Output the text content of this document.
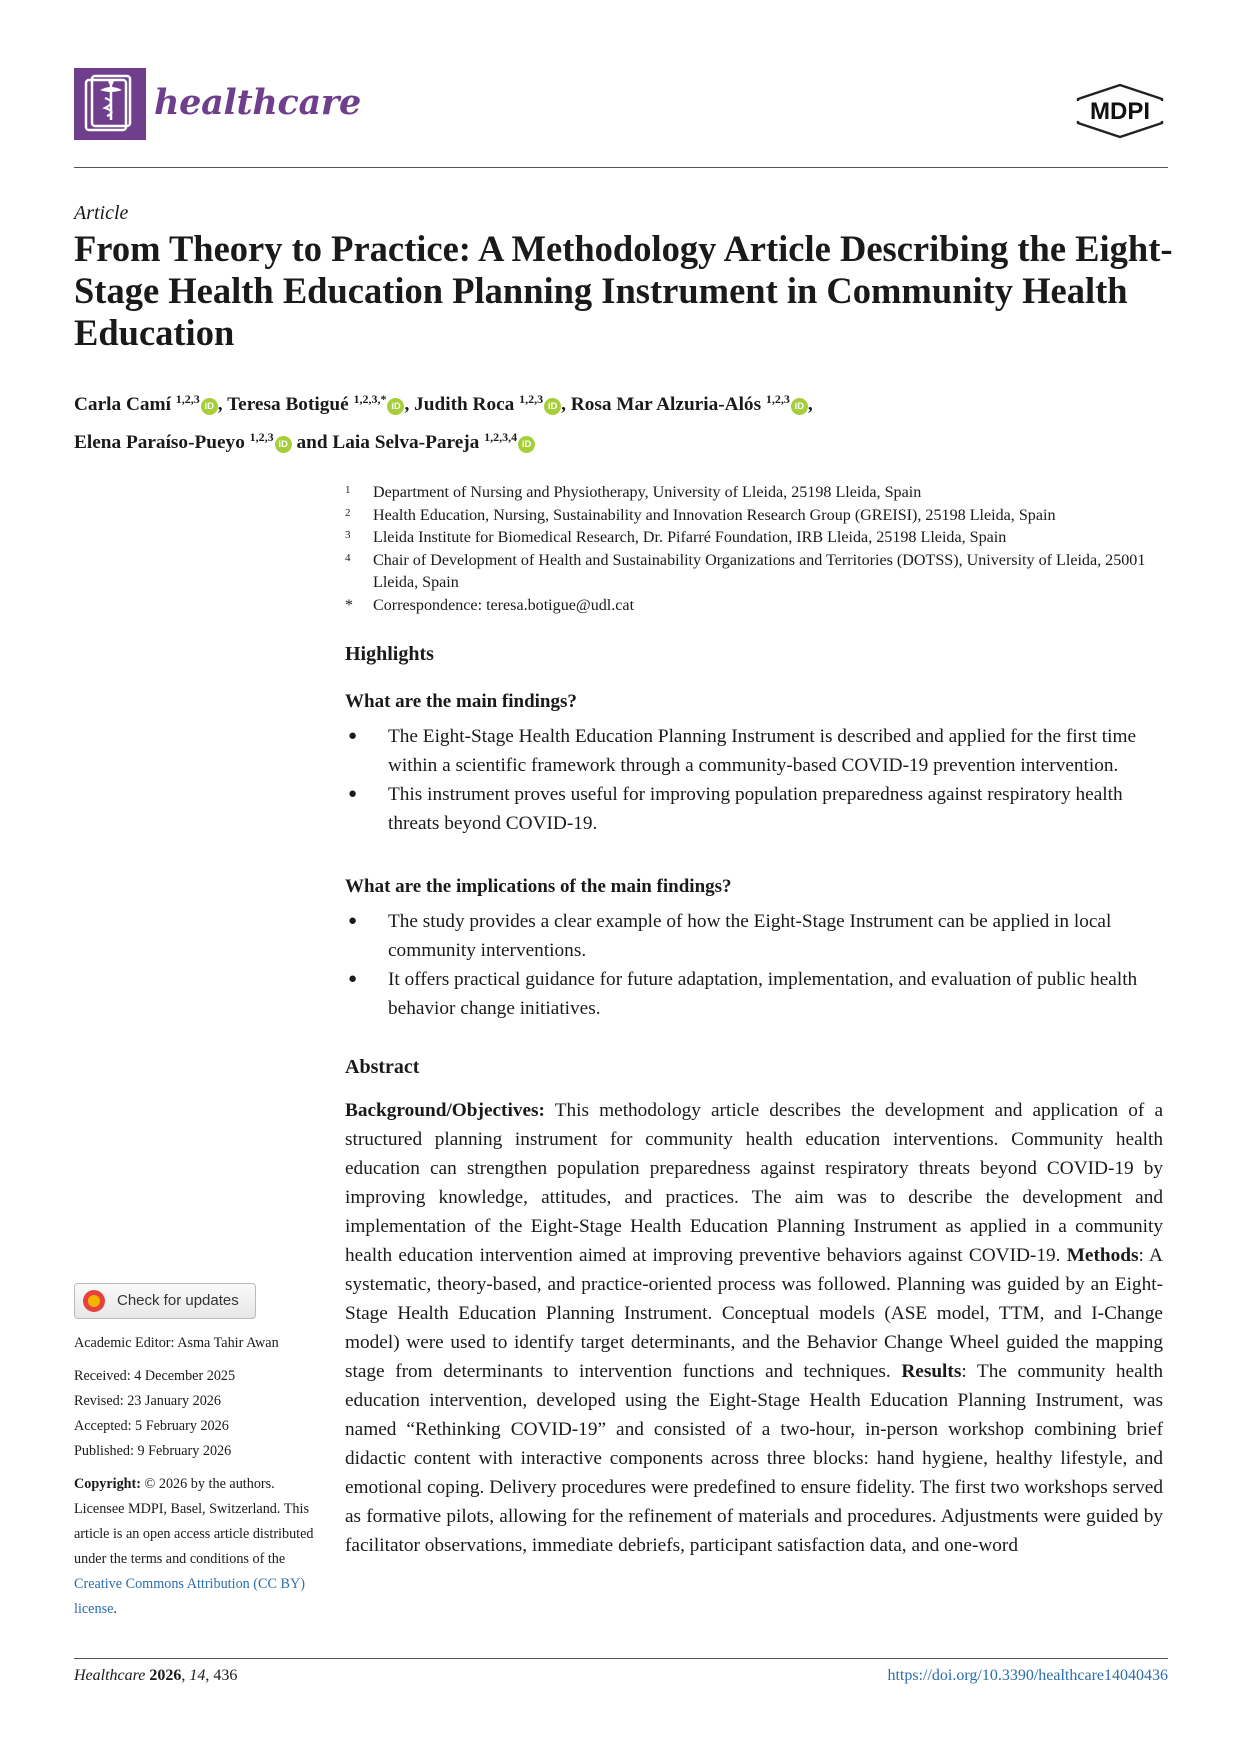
healthcare	MDPI
Article
From Theory to Practice: A Methodology Article Describing the Eight-Stage Health Education Planning Instrument in Community Health Education
Carla Camí $^{1,2,3}$iD , Teresa Botigué $^{1,2,3,*}$iD , Judith Roca $^{1,2,3}$iD , Rosa Mar Alzuria-Alós $^{1,2,3}$iD ,
Elena Paraíso-Pueyo $^{1,2,3}$iD and Laia Selva-Pareja $^{1,2,3,4}$iD
1 Department of Nursing and Physiotherapy, University of Lleida, 25198 Lleida, Spain
2 Health Education, Nursing, Sustainability and Innovation Research Group (GREISI), 25198 Lleida, Spain
3 Lleida Institute for Biomedical Research, Dr. Pifarré Foundation, IRB Lleida, 25198 Lleida, Spain
4 Chair of Development of Health and Sustainability Organizations and Territories (DOTSS), University of Lleida, 25001 Lleida, Spain
* Correspondence: teresa.botigue@udl.cat
Highlights
What are the main findings?
● The Eight-Stage Health Education Planning Instrument is described and applied for the first time within a scientific framework through a community-based COVID-19 prevention intervention.
● This instrument proves useful for improving population preparedness against respiratory health threats beyond COVID-19.
What are the implications of the main findings?
● The study provides a clear example of how the Eight-Stage Instrument can be applied in local community interventions.
● It offers practical guidance for future adaptation, implementation, and evaluation of public health behavior change initiatives.
Abstract
Background/Objectives: This methodology article describes the development and application of a structured planning instrument for community health education interventions. Community health education can strengthen population preparedness against respiratory threats beyond COVID-19 by improving knowledge, attitudes, and practices. The aim was to describe the development and implementation of the Eight-Stage Health Education Planning Instrument as applied in a community health education intervention aimed at improving preventive behaviors against COVID-19. Methods: A systematic, theory-based, and practice-oriented process was followed. Planning was guided by an Eight-Stage Health Education Planning Instrument. Conceptual models (ASE model, TTM, and I-Change model) were used to identify target determinants, and the Behavior Change Wheel guided the mapping stage from determinants to intervention functions and techniques. Results: The community health education intervention, developed using the Eight-Stage Health Education Planning Instrument, was named “Rethinking COVID-19” and consisted of a two-hour, in-person workshop combining brief didactic content with interactive components across three blocks: hand hygiene, healthy lifestyle, and emotional coping. Delivery procedures were predefined to ensure fidelity. The first two workshops served as formative pilots, allowing for the refinement of materials and procedures. Adjustments were guided by facilitator observations, immediate debriefs, participant satisfaction data, and one-word
Check for updates

Academic Editor: Asma Tahir Awan

Received: 4 December 2025

Revised: 23 January 2026

Accepted: 5 February 2026

Published: 9 February 2026

Copyright: © 2026 by the authors. Licensee MDPI, Basel, Switzerland. This article is an open access article distributed under the terms and conditions of the Creative Commons Attribution (CC BY) license.

Healthcare 2026, 14, 436	https://doi.org/10.3390/healthcare14040436
